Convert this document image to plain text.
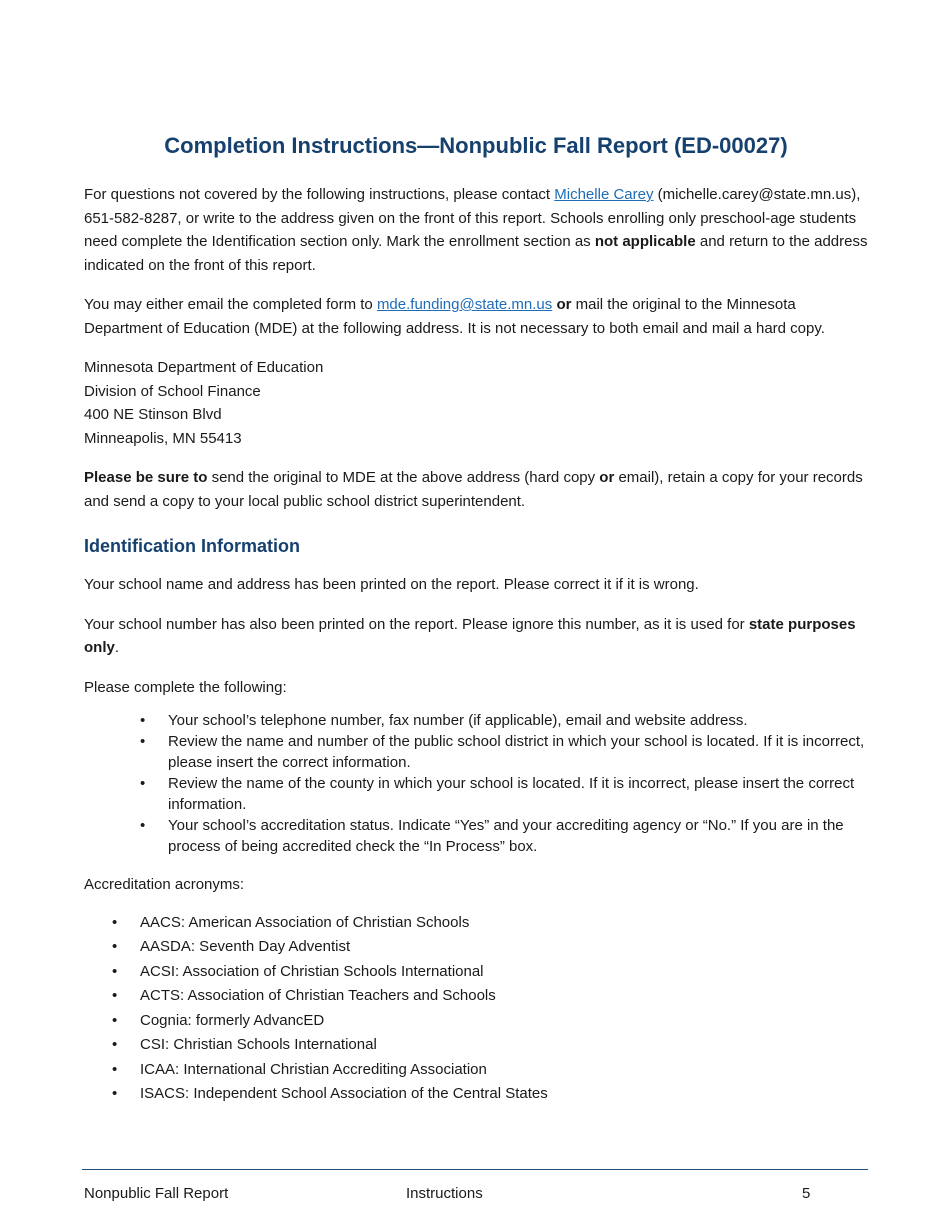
Completion Instructions—Nonpublic Fall Report (ED-00027)

For questions not covered by the following instructions, please contact Michelle Carey (michelle.carey@state.mn.us), 651-582-8287, or write to the address given on the front of this report. Schools enrolling only preschool-age students need complete the Identification section only. Mark the enrollment section as not applicable and return to the address indicated on the front of this report.

You may either email the completed form to mde.funding@state.mn.us or mail the original to the Minnesota Department of Education (MDE) at the following address. It is not necessary to both email and mail a hard copy.

Minnesota Department of Education
Division of School Finance
400 NE Stinson Blvd
Minneapolis, MN 55413

Please be sure to send the original to MDE at the above address (hard copy or email), retain a copy for your records and send a copy to your local public school district superintendent.

Identification Information

Your school name and address has been printed on the report. Please correct it if it is wrong.

Your school number has also been printed on the report. Please ignore this number, as it is used for state purposes only.

Please complete the following:

• Your school’s telephone number, fax number (if applicable), email and website address.
• Review the name and number of the public school district in which your school is located. If it is incorrect, please insert the correct information.
• Review the name of the county in which your school is located. If it is incorrect, please insert the correct information.
• Your school’s accreditation status. Indicate “Yes” and your accrediting agency or “No.” If you are in the process of being accredited check the “In Process” box.

Accreditation acronyms:

• AACS: American Association of Christian Schools
• AASDA: Seventh Day Adventist
• ACSI: Association of Christian Schools International
• ACTS: Association of Christian Teachers and Schools
• Cognia: formerly AdvancED
• CSI: Christian Schools International
• ICAA: International Christian Accrediting Association
• ISACS: Independent School Association of the Central States
Nonpublic Fall Report	Instructions	5
